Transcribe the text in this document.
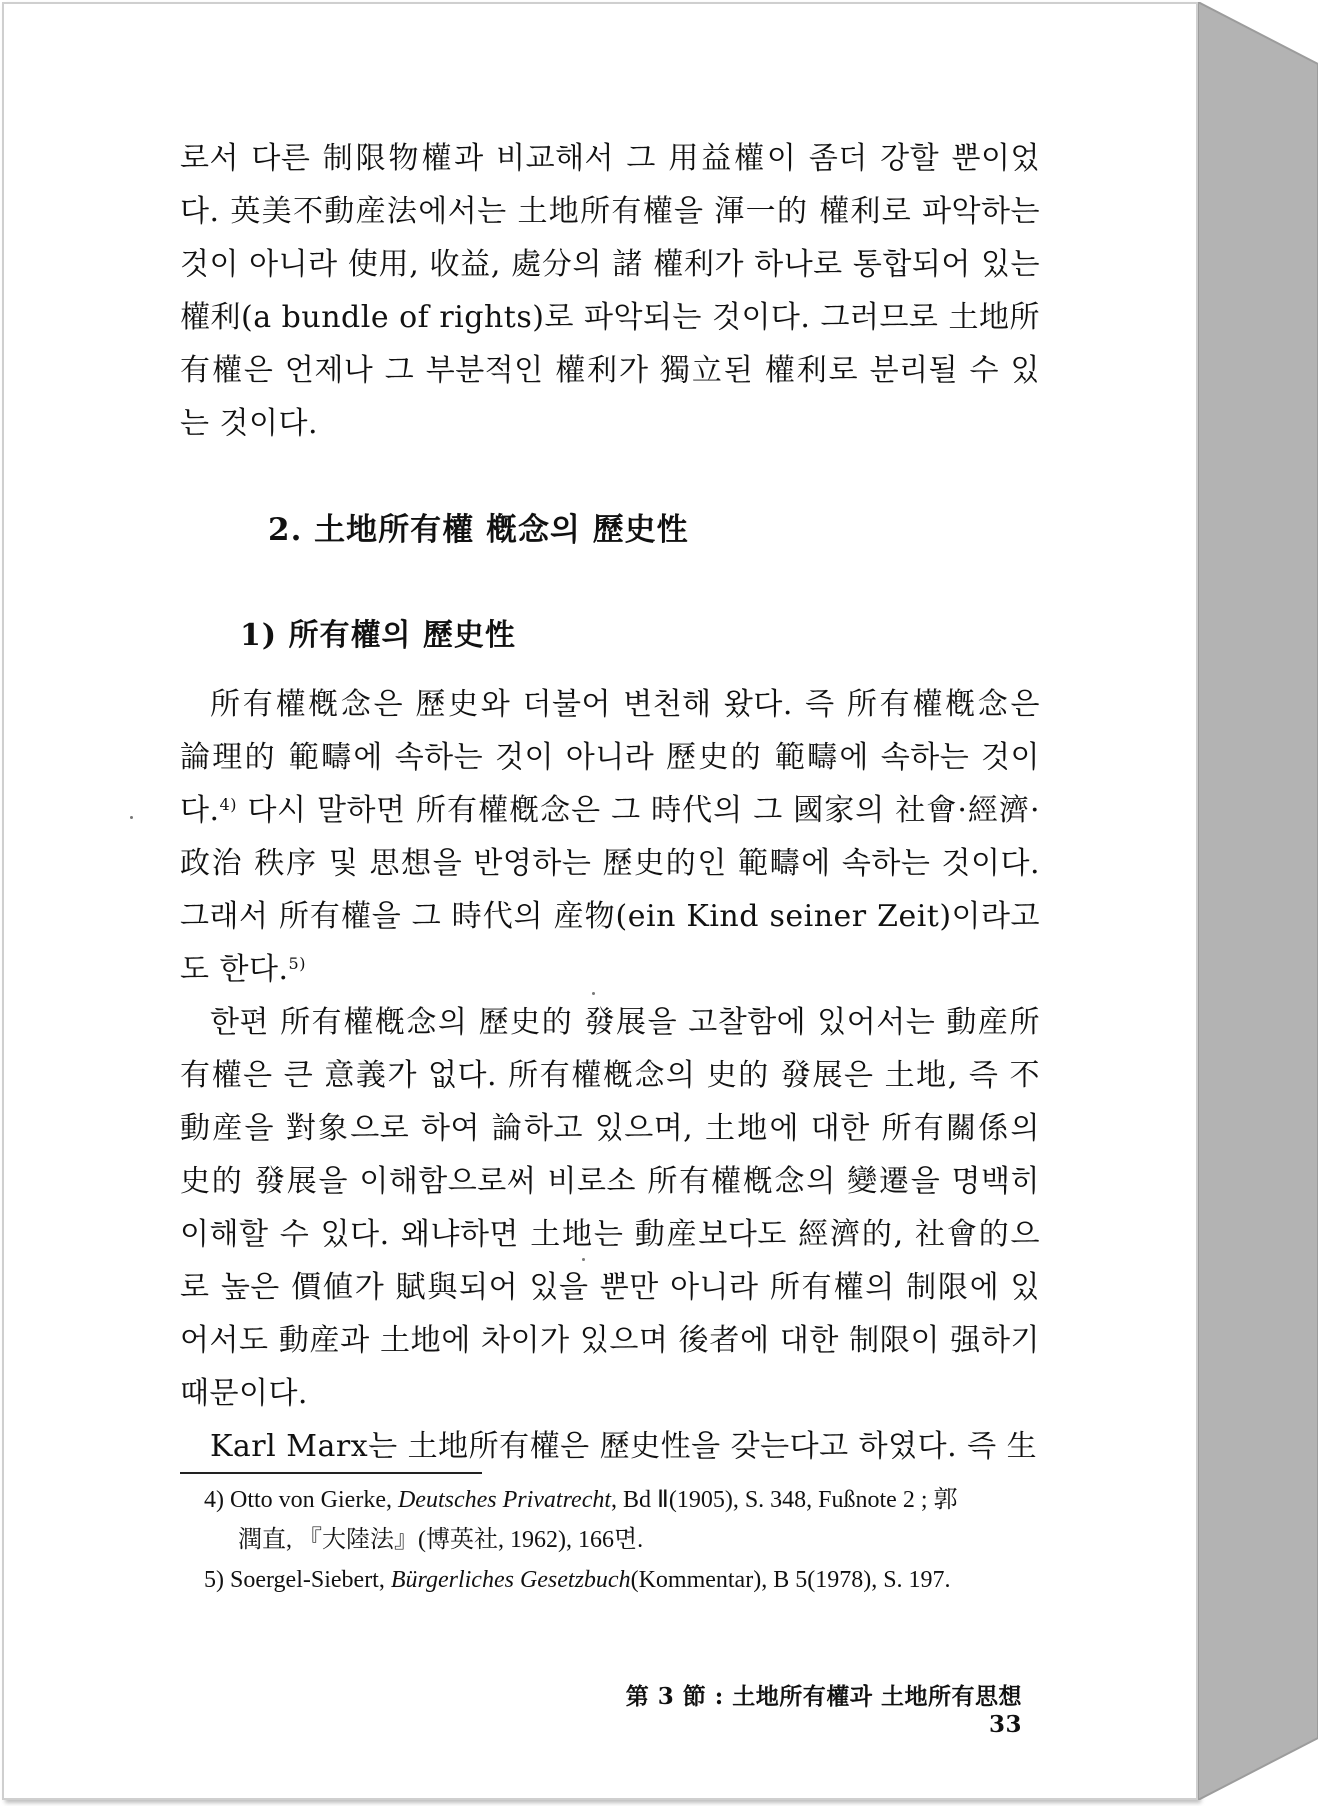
로서 다른 制限物權과 비교해서 그 用益權이 좀더 강할 뿐이었다. 英美不動産法에서는 土地所有權을 渾一的 權利로 파악하는 것이 아니라 使用, 收益, 處分의 諸 權利가 하나로 통합되어 있는 權利(a bundle of rights)로 파악되는 것이다. 그러므로 土地所有權은 언제나 그 부분적인 權利가 獨立된 權利로 분리될 수 있는 것이다.

2. 土地所有權 槪念의 歷史性
1) 所有權의 歷史性

所有權槪念은 歷史와 더불어 변천해 왔다. 즉 所有權槪念은 論理的 範疇에 속하는 것이 아니라 歷史的 範疇에 속하는 것이다.$^{4)}$ 다시 말하면 所有權槪念은 그 時代의 그 國家의 社會·經濟·政治 秩序 및 思想을 반영하는 歷史的인 範疇에 속하는 것이다. 그래서 所有權을 그 時代의 産物(ein Kind seiner Zeit)이라고도 한다.$^{5)}$

한편 所有權槪念의 歷史的 發展을 고찰함에 있어서는 動産所有權은 큰 意義가 없다. 所有權槪念의 史的 發展은 土地, 즉 不動産을 對象으로 하여 論하고 있으며, 土地에 대한 所有關係의 史的 發展을 이해함으로써 비로소 所有權槪念의 變遷을 명백히 이해할 수 있다. 왜냐하면 土地는 動産보다도 經濟的, 社會的으로 높은 價値가 賦與되어 있을 뿐만 아니라 所有權의 制限에 있어서도 動産과 土地에 차이가 있으며 後者에 대한 制限이 强하기 때문이다.

Karl Marx는 土地所有權은 歷史性을 갖는다고 하였다. 즉 生

4) Otto von Gierke, Deutsches Privatrecht, Bd Ⅱ(1905), S. 348, Fußnote 2 ; 郭
潤直, 『大陸法』(博英社, 1962), 166면.

5) Soergel-Siebert, Bürgerliches Gesetzbuch(Kommentar), B 5(1978), S. 197.

第 3 節 : 土地所有權과 土地所有思想33
